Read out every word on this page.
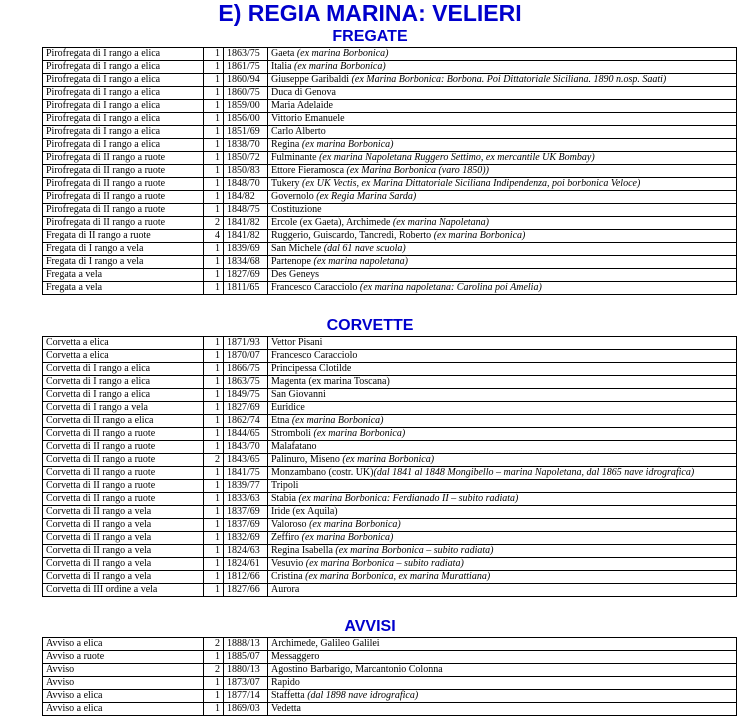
E) REGIA MARINA: VELIERI
FREGATE
Pirofregata di I rango a elica	1	1863/75	Gaeta (ex marina Borbonica)
Pirofregata di I rango a elica	1	1861/75	Italia (ex marina Borbonica)
Pirofregata di I rango a elica	1	1860/94	Giuseppe Garibaldi (ex Marina Borbonica: Borbona. Poi Dittatoriale Siciliana. 1890 n.osp. Saati)
Pirofregata di I rango a elica	1	1860/75	Duca di Genova
Pirofregata di I rango a elica	1	1859/00	Maria Adelaide
Pirofregata di I rango a elica	1	1856/00	Vittorio Emanuele
Pirofregata di I rango a elica	1	1851/69	Carlo Alberto
Pirofregata di I rango a elica	1	1838/70	Regina (ex marina Borbonica)
Pirofregata di II rango a ruote	1	1850/72	Fulminante (ex marina Napoletana Ruggero Settimo, ex mercantile UK Bombay)
Pirofregata di II rango a ruote	1	1850/83	Ettore Fieramosca (ex Marina Borbonica (varo 1850))
Pirofregata di II rango a ruote	1	1848/70	Tukery (ex UK Vectis, ex Marina Dittatoriale Siciliana Indipendenza, poi borbonica Veloce)
Pirofregata di II rango a ruote	1	184/82	Governolo (ex Regia Marina Sarda)
Pirofregata di II rango a ruote	1	1848/75	Costituzione
Pirofregata di II rango a ruote	2	1841/82	Ercole (ex Gaeta), Archimede (ex marina Napoletana)
Fregata di II rango a ruote	4	1841/82	Ruggerio, Guiscardo, Tancredi, Roberto (ex marina Borbonica)
Fregata di I rango a vela	1	1839/69	San Michele (dal 61 nave scuola)
Fregata di I rango a vela	1	1834/68	Partenope (ex marina napoletana)
Fregata a vela	1	1827/69	Des Geneys
Fregata a vela	1	1811/65	Francesco Caracciolo (ex marina napoletana: Carolina poi Amelia)
CORVETTE
Corvetta a elica	1	1871/93	Vettor Pisani
Corvetta a elica	1	1870/07	Francesco Caracciolo
Corvetta di I rango a elica	1	1866/75	Principessa Clotilde
Corvetta di I rango a elica	1	1863/75	Magenta (ex marina Toscana)
Corvetta di I rango a elica	1	1849/75	San Giovanni
Corvetta di I rango a vela	1	1827/69	Euridice
Corvetta di II rango a elica	1	1862/74	Etna (ex marina Borbonica)
Corvetta di II rango a ruote	1	1844/65	Stromboli (ex marina Borbonica)
Corvetta di II rango a ruote	1	1843/70	Malafatano
Corvetta di II rango a ruote	2	1843/65	Palinuro, Miseno (ex marina Borbonica)
Corvetta di II rango a ruote	1	1841/75	Monzambano (costr. UK)(dal 1841 al 1848 Mongibello – marina Napoletana, dal 1865 nave idrografica)
Corvetta di II rango a ruote	1	1839/77	Tripoli
Corvetta di II rango a ruote	1	1833/63	Stabia (ex marina Borbonica: Ferdianado II – subito radiata)
Corvetta di II rango a vela	1	1837/69	Iride (ex Aquila)
Corvetta di II rango a vela	1	1837/69	Valoroso (ex marina Borbonica)
Corvetta di II rango a vela	1	1832/69	Zeffiro (ex marina Borbonica)
Corvetta di II rango a vela	1	1824/63	Regina Isabella (ex marina Borbonica – subito radiata)
Corvetta di II rango a vela	1	1824/61	Vesuvio (ex marina Borbonica – subito radiata)
Corvetta di II rango a vela	1	1812/66	Cristina (ex marina Borbonica, ex marina Murattiana)
Corvetta di III ordine a vela	1	1827/66	Aurora
AVVISI
Avviso a elica	2	1888/13	Archimede, Galileo Galilei
Avviso a ruote	1	1885/07	Messaggero
Avviso	2	1880/13	Agostino Barbarigo, Marcantonio Colonna
Avviso	1	1873/07	Rapido
Avviso a elica	1	1877/14	Staffetta (dal 1898 nave idrografica)
Avviso a elica	1	1869/03	Vedetta
